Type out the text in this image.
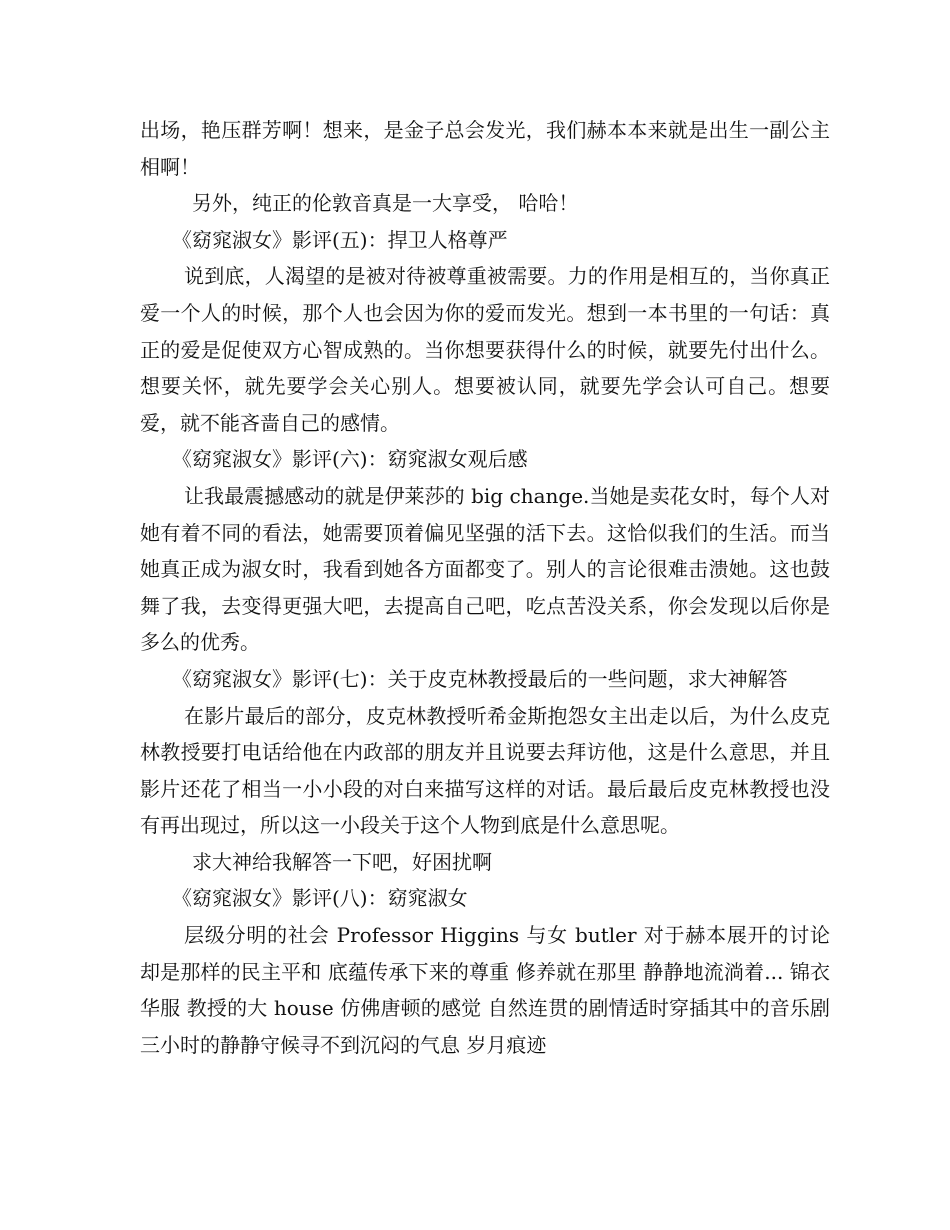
出场，艳压群芳啊！想来，是金子总会发光，我们赫本本来就是出生一副公主相啊！

另外，纯正的伦敦音真是一大享受， 哈哈！

《窈窕淑女》影评(五)：捍卫人格尊严

说到底，人渴望的是被对待被尊重被需要。力的作用是相互的，当你真正爱一个人的时候，那个人也会因为你的爱而发光。想到一本书里的一句话：真正的爱是促使双方心智成熟的。当你想要获得什么的时候，就要先付出什么。想要关怀，就先要学会关心别人。想要被认同，就要先学会认可自己。想要爱，就不能吝啬自己的感情。

《窈窕淑女》影评(六)：窈窕淑女观后感

让我最震撼感动的就是伊莱莎的 big change.当她是卖花女时，每个人对她有着不同的看法，她需要顶着偏见坚强的活下去。这恰似我们的生活。而当她真正成为淑女时，我看到她各方面都变了。别人的言论很难击溃她。这也鼓舞了我，去变得更强大吧，去提高自己吧，吃点苦没关系，你会发现以后你是多么的优秀。

《窈窕淑女》影评(七)：关于皮克林教授最后的一些问题，求大神解答

在影片最后的部分，皮克林教授听希金斯抱怨女主出走以后，为什么皮克林教授要打电话给他在内政部的朋友并且说要去拜访他，这是什么意思，并且影片还花了相当一小小段的对白来描写这样的对话。最后最后皮克林教授也没有再出现过，所以这一小段关于这个人物到底是什么意思呢。

求大神给我解答一下吧，好困扰啊

《窈窕淑女》影评(八)：窈窕淑女

层级分明的社会 Professor Higgins 与女 butler 对于赫本展开的讨论却是那样的民主平和 底蕴传承下来的尊重 修养就在那里 静静地流淌着... 锦衣华服 教授的大 house 仿佛唐顿的感觉 自然连贯的剧情适时穿插其中的音乐剧 三小时的静静守候寻不到沉闷的气息 岁月痕迹
